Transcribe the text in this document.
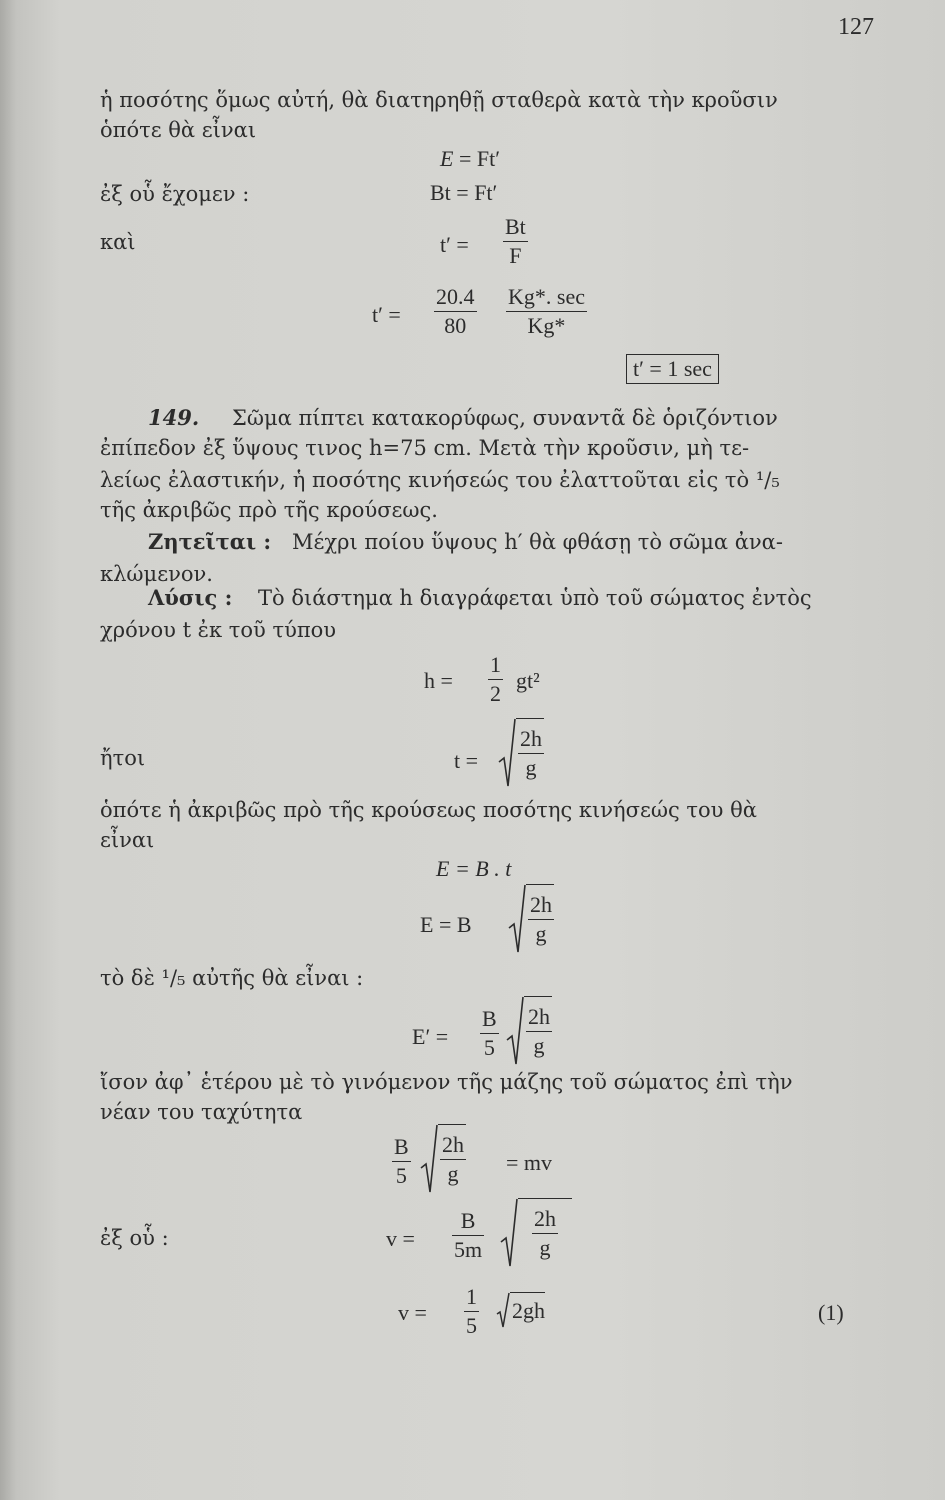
127
ἡ ποσότης ὅμως αὐτή, θὰ διατηρηθῇ σταθερὰ κατὰ τὴν κροῦσιν
ὁπότε θὰ εἶναι
E = Ft′
ἐξ οὗ ἔχομεν :	Bt = Ft′
καὶ	t′ =
Bt
F
t′ =
20.4
80
Kg*. sec
Kg*
t′ = 1 sec
149. Σῶμα πίπτει κατακορύφως, συναντᾶ δὲ ὁριζόντιον
ἐπίπεδον ἐξ ὕψους τινος h=75 cm. Μετὰ τὴν κροῦσιν, μὴ τε-
λείως ἐλαστικήν, ἡ ποσότης κινήσεώς του ἐλαττοῦται εἰς τὸ ¹/₅
τῆς ἀκριβῶς πρὸ τῆς κρούσεως.
Ζητεῖται : Μέχρι ποίου ὕψους h′ θὰ φθάσῃ τὸ σῶμα ἀνα-
κλώμενον.
Λύσις : Τὸ διάστημα h διαγράφεται ὑπὸ τοῦ σώματος ἐντὸς
χρόνου t ἐκ τοῦ τύπου
h =
1
2
gt²
ἤτοι	$t = \frac{2h}{g}$
ὁπότε ἡ ἀκριβῶς πρὸ τῆς κρούσεως ποσότης κινήσεώς του θὰ
εἶναι
E = B . t
E = B	$\frac{2h}{g}$
τὸ δὲ ¹/₅ αὐτῆς θὰ εἶναι :
E′ =
B
$5 \frac{2h}{g}$
ἴσον ἀφ᾿ ἑτέρου μὲ τὸ γινόμενον τῆς μάζης τοῦ σώματος ἐπὶ τὴν
νέαν του ταχύτητα
B
$5 \frac{2h}{g}$ = mv
ἐξ οὗ :	v =
B
$5m \frac{2h}{g}$
v =
1
5
2gh	(1)
